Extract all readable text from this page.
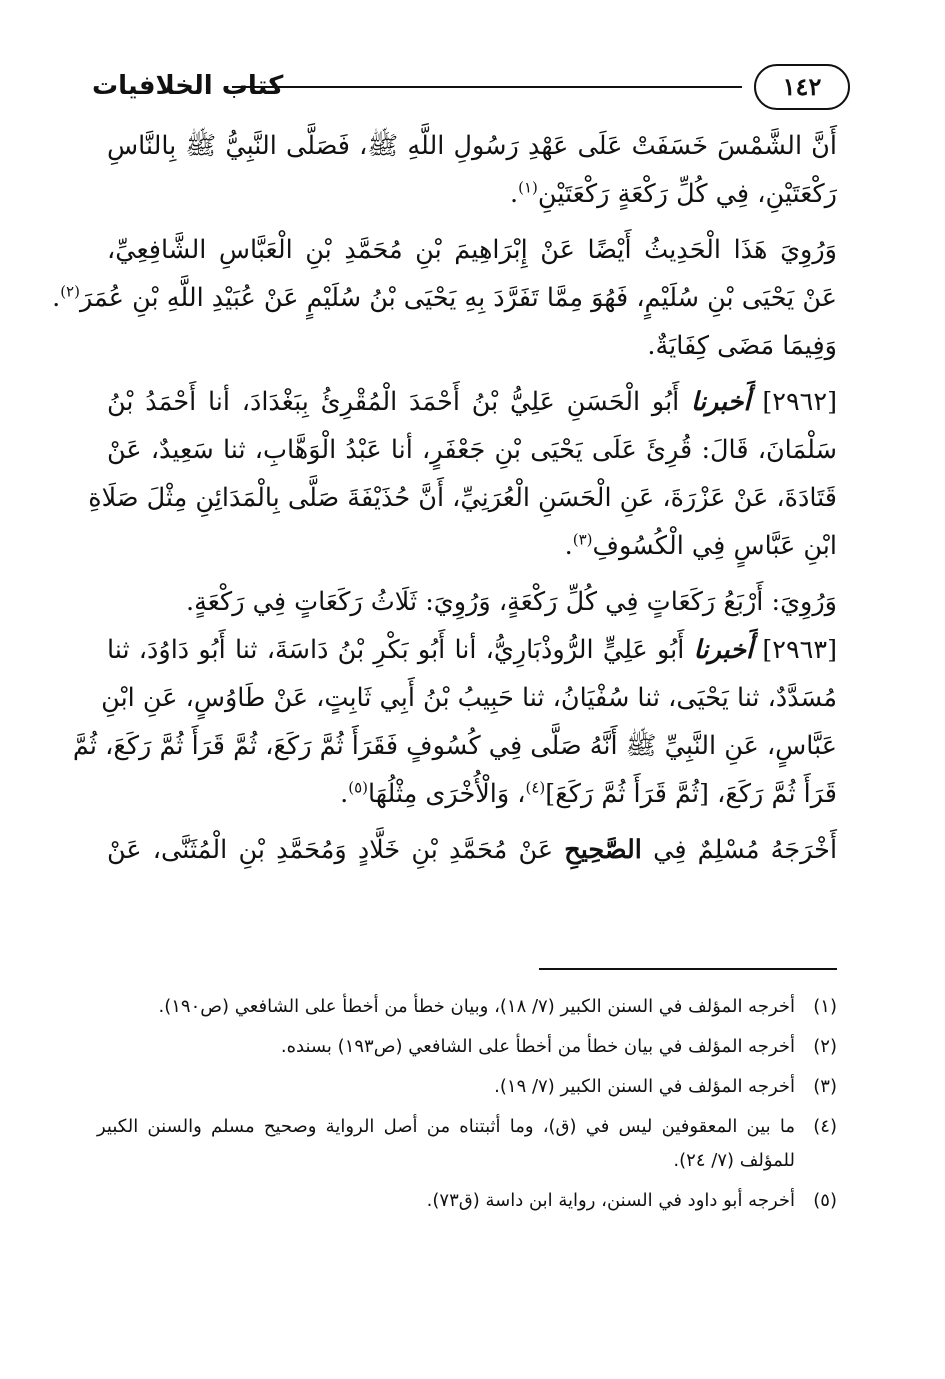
١٤٢
كتاب الخلافيات
أَنَّ الشَّمْسَ خَسَفَتْ عَلَى عَهْدِ رَسُولِ اللَّهِ ﷺ، فَصَلَّى النَّبِيُّ ﷺ بِالنَّاسِ
رَكْعَتَيْنِ، فِي كُلِّ رَكْعَةٍ رَكْعَتَيْنِ$^{(١)}$.
وَرُوِيَ هَذَا الْحَدِيثُ أَيْضًا عَنْ إِبْرَاهِيمَ بْنِ مُحَمَّدِ بْنِ الْعَبَّاسِ الشَّافِعِيِّ،
عَنْ يَحْيَى بْنِ سُلَيْمٍ، فَهُوَ مِمَّا تَفَرَّدَ بِهِ يَحْيَى بْنُ سُلَيْمٍ عَنْ عُبَيْدِ اللَّهِ بْنِ عُمَرَ$^{(٢)}$.
وَفِيمَا مَضَى كِفَايَةٌ.
[٢٩٦٢] أَخبرنا أَبُو الْحَسَنِ عَلِيُّ بْنُ أَحْمَدَ الْمُقْرِئُ بِبَغْدَادَ، أنا أَحْمَدُ بْنُ
سَلْمَانَ، قَالَ: قُرِئَ عَلَى يَحْيَى بْنِ جَعْفَرٍ، أنا عَبْدُ الْوَهَّابِ، ثنا سَعِيدٌ، عَنْ
قَتَادَةَ، عَنْ عَزْرَةَ، عَنِ الْحَسَنِ الْعُرَنِيِّ، أَنَّ حُذَيْفَةَ صَلَّى بِالْمَدَائِنِ مِثْلَ صَلَاةِ
ابْنِ عَبَّاسٍ فِي الْكُسُوفِ$^{(٣)}$.
وَرُوِيَ: أَرْبَعُ رَكَعَاتٍ فِي كُلِّ رَكْعَةٍ، وَرُوِيَ: ثَلَاثُ رَكَعَاتٍ فِي رَكْعَةٍ.
[٢٩٦٣] أَخبرنا أَبُو عَلِيٍّ الرُّوذْبَارِيُّ، أنا أَبُو بَكْرِ بْنُ دَاسَةَ، ثنا أَبُو دَاوُدَ، ثنا
مُسَدَّدٌ، ثنا يَحْيَى، ثنا سُفْيَانُ، ثنا حَبِيبُ بْنُ أَبِي ثَابِتٍ، عَنْ طَاوُسٍ، عَنِ ابْنِ
عَبَّاسٍ، عَنِ النَّبِيِّ ﷺ أَنَّهُ صَلَّى فِي كُسُوفٍ فَقَرَأَ ثُمَّ رَكَعَ، ثُمَّ قَرَأَ ثُمَّ رَكَعَ، ثُمَّ
قَرَأَ ثُمَّ رَكَعَ، [ثُمَّ قَرَأَ ثُمَّ رَكَعَ]$^{(٤)}$، وَالْأُخْرَى مِثْلُهَا$^{(٥)}$.
أَخْرَجَهُ مُسْلِمٌ فِي الصَّحِيحِ عَنْ مُحَمَّدِ بْنِ خَلَّادٍ وَمُحَمَّدِ بْنِ الْمُثَنَّى، عَنْ
(١)
أخرجه المؤلف في السنن الكبير (٧/ ١٨)، وبيان خطأ من أخطأ على الشافعي (ص١٩٠).
(٢)
أخرجه المؤلف في بيان خطأ من أخطأ على الشافعي (ص١٩٣) بسنده.
(٣)
أخرجه المؤلف في السنن الكبير (٧/ ١٩).
(٤)
ما بين المعقوفين ليس في (ق)، وما أثبتناه من أصل الرواية وصحيح مسلم والسنن الكبير للمؤلف (٧/ ٢٤).
(٥)
أخرجه أبو داود في السنن، رواية ابن داسة (ق٧٣).
